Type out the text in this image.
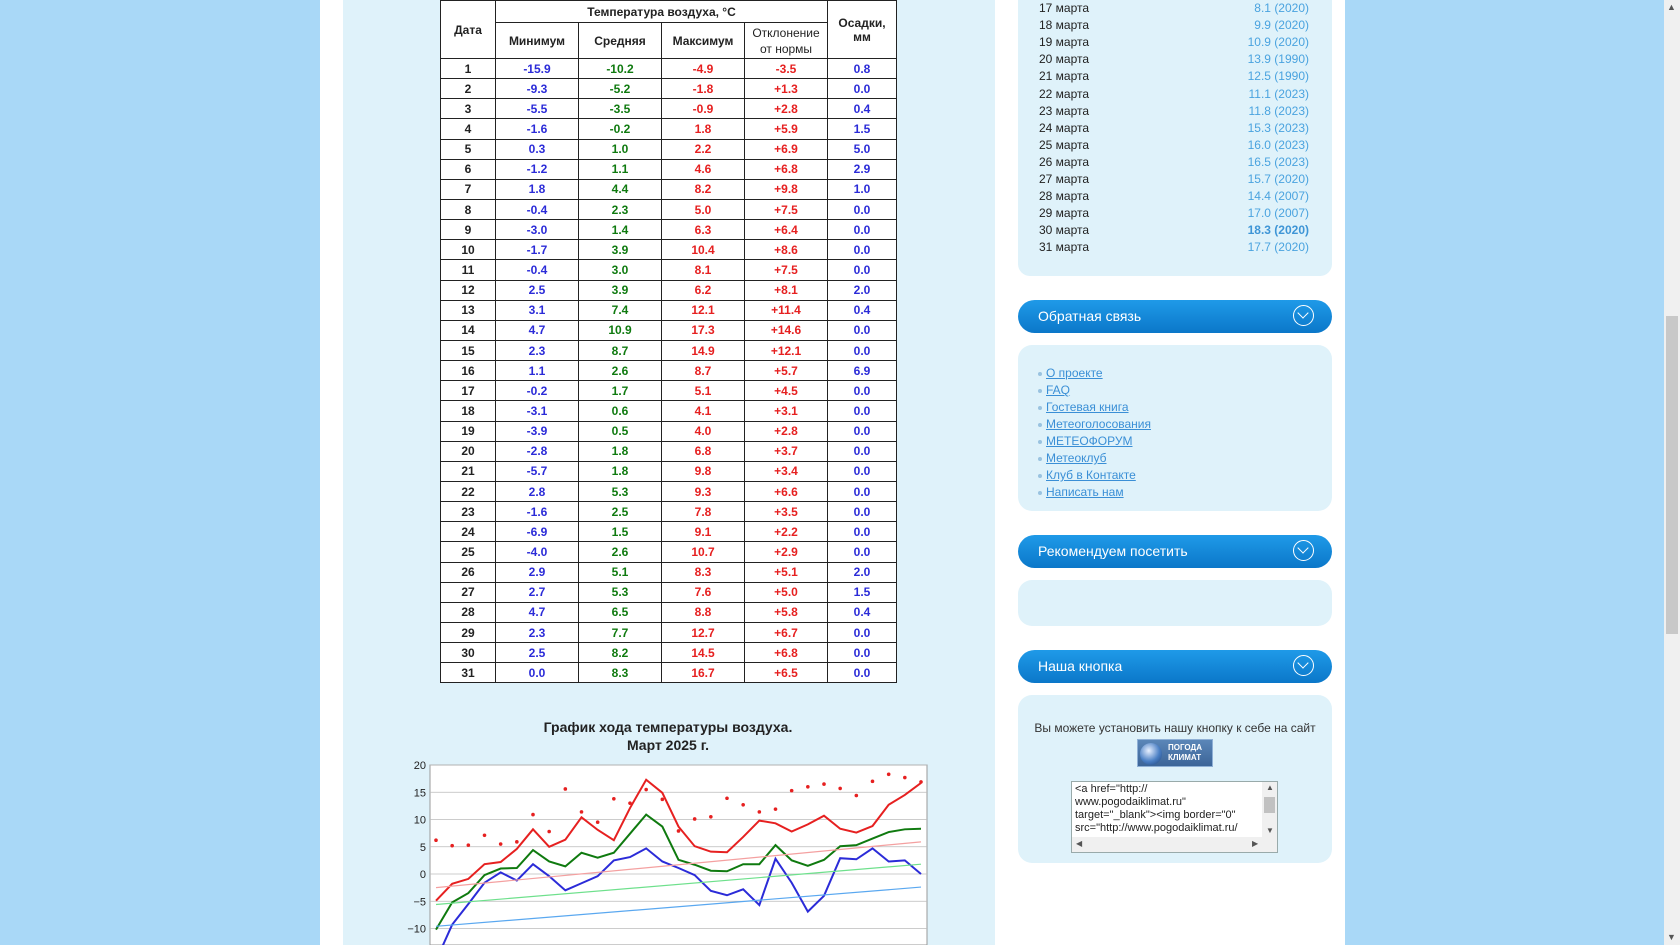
Дата	Температура воздуха, °С				Осадки, мм
	Минимум	Средняя	Максимум	Отклонение
от нормы	
1	-15.9	-10.2	-4.9	-3.5	0.8
2	-9.3	-5.2	-1.8	+1.3	0.0
3	-5.5	-3.5	-0.9	+2.8	0.4
4	-1.6	-0.2	1.8	+5.9	1.5
5	0.3	1.0	2.2	+6.9	5.0
6	-1.2	1.1	4.6	+6.8	2.9
7	1.8	4.4	8.2	+9.8	1.0
8	-0.4	2.3	5.0	+7.5	0.0
9	-3.0	1.4	6.3	+6.4	0.0
10	-1.7	3.9	10.4	+8.6	0.0
11	-0.4	3.0	8.1	+7.5	0.0
12	2.5	3.9	6.2	+8.1	2.0
13	3.1	7.4	12.1	+11.4	0.4
14	4.7	10.9	17.3	+14.6	0.0
15	2.3	8.7	14.9	+12.1	0.0
16	1.1	2.6	8.7	+5.7	6.9
17	-0.2	1.7	5.1	+4.5	0.0
18	-3.1	0.6	4.1	+3.1	0.0
19	-3.9	0.5	4.0	+2.8	0.0
20	-2.8	1.8	6.8	+3.7	0.0
21	-5.7	1.8	9.8	+3.4	0.0
22	2.8	5.3	9.3	+6.6	0.0
23	-1.6	2.5	7.8	+3.5	0.0
24	-6.9	1.5	9.1	+2.2	0.0
25	-4.0	2.6	10.7	+2.9	0.0
26	2.9	5.1	8.3	+5.1	2.0
27	2.7	5.3	7.6	+5.0	1.5
28	4.7	6.5	8.8	+5.8	0.4
29	2.3	7.7	12.7	+6.7	0.0
30	2.5	8.2	14.5	+6.8	0.0
31	0.0	8.3	16.7	+6.5	0.0
График хода температуры воздуха.
Март 2025 г.
20
15
10
5
0
−5
−10
17 марта	8.1 (2020)
18 марта	9.9 (2020)
19 марта	10.9 (2020)
20 марта	13.9 (1990)
21 марта	12.5 (1990)
22 марта	11.1 (2023)
23 марта	11.8 (2023)
24 марта	15.3 (2023)
25 марта	16.0 (2023)
26 марта	16.5 (2023)
27 марта	15.7 (2020)
28 марта	14.4 (2007)
29 марта	17.0 (2007)
30 марта	18.3 (2020)
31 марта	17.7 (2020)
Обратная связь
О проекте
FAQ
Гостевая книга
Метеоголосования
МЕТЕОФОРУМ
Метеоклуб
Клуб в Контакте
Написать нам
Рекомендуем посетить
Наша кнопка
Вы можете установить нашу кнопку к себе на сайт
ПОГОДА
КЛИМАТ
<a href="http://
www.pogodaiklimat.ru"
target="_blank"><img border="0"
src="http://www.pogodaiklimat.ru/
▲
▼
◀	▶
▲
▼
